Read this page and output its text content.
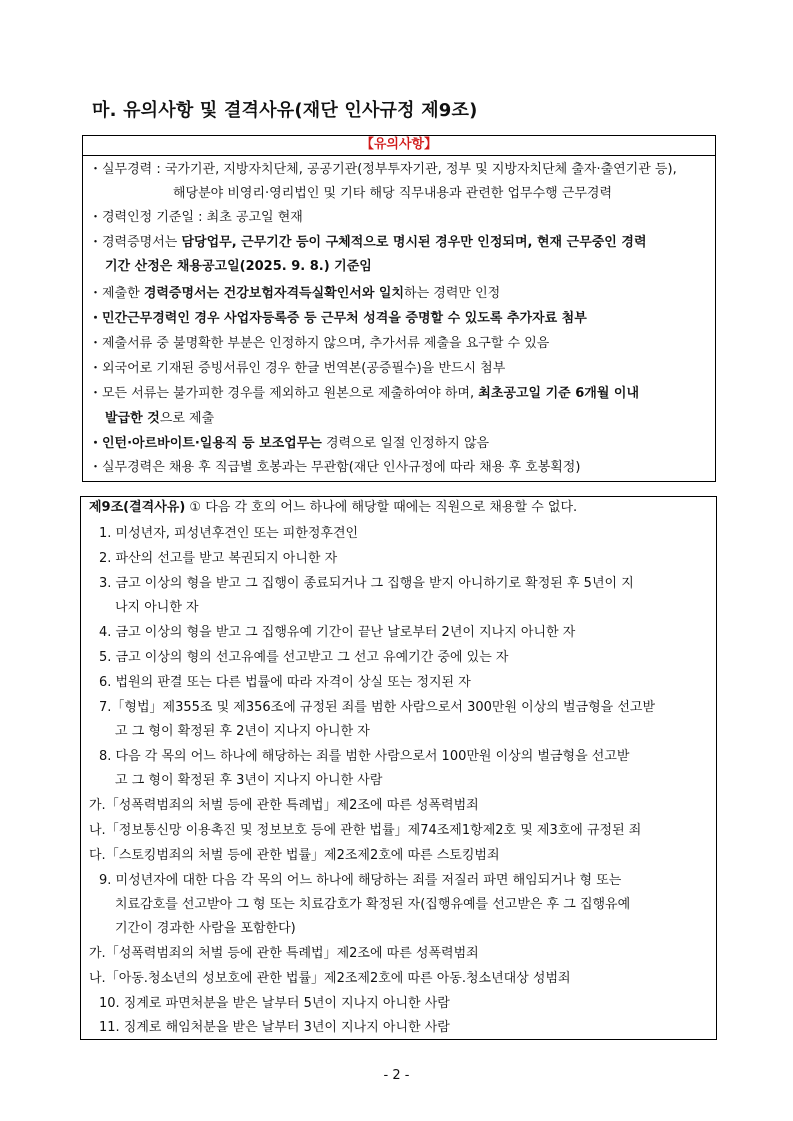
마. 유의사항 및 결격사유(재단 인사규정 제9조)
【유의사항】
・실무경력 : 국가기관, 지방자치단체, 공공기관(정부투자기관, 정부 및 지방자치단체 출자·출연기관 등),
해당분야 비영리·영리법인 및 기타 해당 직무내용과 관련한 업무수행 근무경력
・경력인정 기준일 : 최초 공고일 현재
・경력증명서는 담당업무, 근무기간 등이 구체적으로 명시된 경우만 인정되며, 현재 근무중인 경력
기간 산정은 채용공고일(2025. 9. 8.) 기준임
・제출한 경력증명서는 건강보험자격득실확인서와 일치하는 경력만 인정
・민간근무경력인 경우 사업자등록증 등 근무처 성격을 증명할 수 있도록 추가자료 첨부
・제출서류 중 불명확한 부분은 인정하지 않으며, 추가서류 제출을 요구할 수 있음
・외국어로 기재된 증빙서류인 경우 한글 번역본(공증필수)을 반드시 첨부
・모든 서류는 불가피한 경우를 제외하고 원본으로 제출하여야 하며, 최초공고일 기준 6개월 이내
발급한 것으로 제출
・인턴·아르바이트·일용직 등 보조업무는 경력으로 일절 인정하지 않음
・실무경력은 채용 후 직급별 호봉과는 무관함(재단 인사규정에 따라 채용 후 호봉획정)
제9조(결격사유) ① 다음 각 호의 어느 하나에 해당할 때에는 직원으로 채용할 수 없다.
1. 미성년자, 피성년후견인 또는 피한정후견인
2. 파산의 선고를 받고 복권되지 아니한 자
3. 금고 이상의 형을 받고 그 집행이 종료되거나 그 집행을 받지 아니하기로 확정된 후 5년이 지
나지 아니한 자
4. 금고 이상의 형을 받고 그 집행유예 기간이 끝난 날로부터 2년이 지나지 아니한 자
5. 금고 이상의 형의 선고유예를 선고받고 그 선고 유예기간 중에 있는 자
6. 법원의 판결 또는 다른 법률에 따라 자격이 상실 또는 정지된 자
7.「형법」제355조 및 제356조에 규정된 죄를 범한 사람으로서 300만원 이상의 벌금형을 선고받
고 그 형이 확정된 후 2년이 지나지 아니한 자
8. 다음 각 목의 어느 하나에 해당하는 죄를 범한 사람으로서 100만원 이상의 벌금형을 선고받
고 그 형이 확정된 후 3년이 지나지 아니한 사람
가.「성폭력범죄의 처벌 등에 관한 특례법」제2조에 따른 성폭력범죄
나.「정보통신망 이용촉진 및 정보보호 등에 관한 법률」제74조제1항제2호 및 제3호에 규정된 죄
다.「스토킹범죄의 처벌 등에 관한 법률」제2조제2호에 따른 스토킹범죄
9. 미성년자에 대한 다음 각 목의 어느 하나에 해당하는 죄를 저질러 파면 해임되거나 형 또는
치료감호를 선고받아 그 형 또는 치료감호가 확정된 자(집행유예를 선고받은 후 그 집행유예
기간이 경과한 사람을 포함한다)
가.「성폭력범죄의 처벌 등에 관한 특례법」제2조에 따른 성폭력범죄
나.「아동.청소년의 성보호에 관한 법률」제2조제2호에 따른 아동.청소년대상 성범죄
10. 징계로 파면처분을 받은 날부터 5년이 지나지 아니한 사람
11. 징계로 해임처분을 받은 날부터 3년이 지나지 아니한 사람
- 2 -
